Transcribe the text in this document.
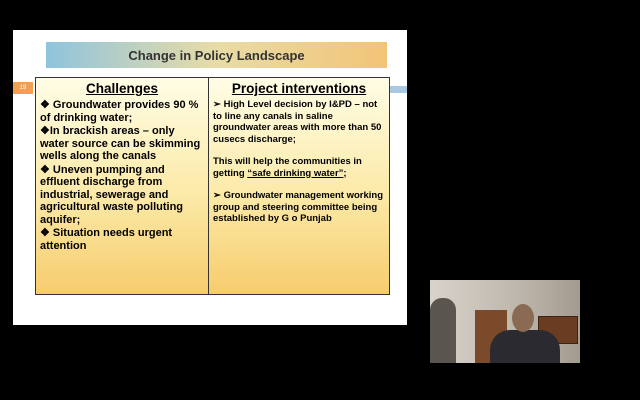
Change in Policy Landscape
19	Challenges
❖ Groundwater provides 90 % of drinking water;
❖In brackish areas – only water source can be skimming wells along the canals
❖ Uneven pumping and effluent discharge from industrial, sewerage and agricultural waste polluting aquifer;
❖ Situation needs urgent attention
Project interventions
➢ High Level decision by I&PD – not to line any canals in saline groundwater areas with more than 50 cusecs discharge;
This will help the communities in getting “safe drinking water”;
➢ Groundwater management working group and steering committee being established by G o Punjab
